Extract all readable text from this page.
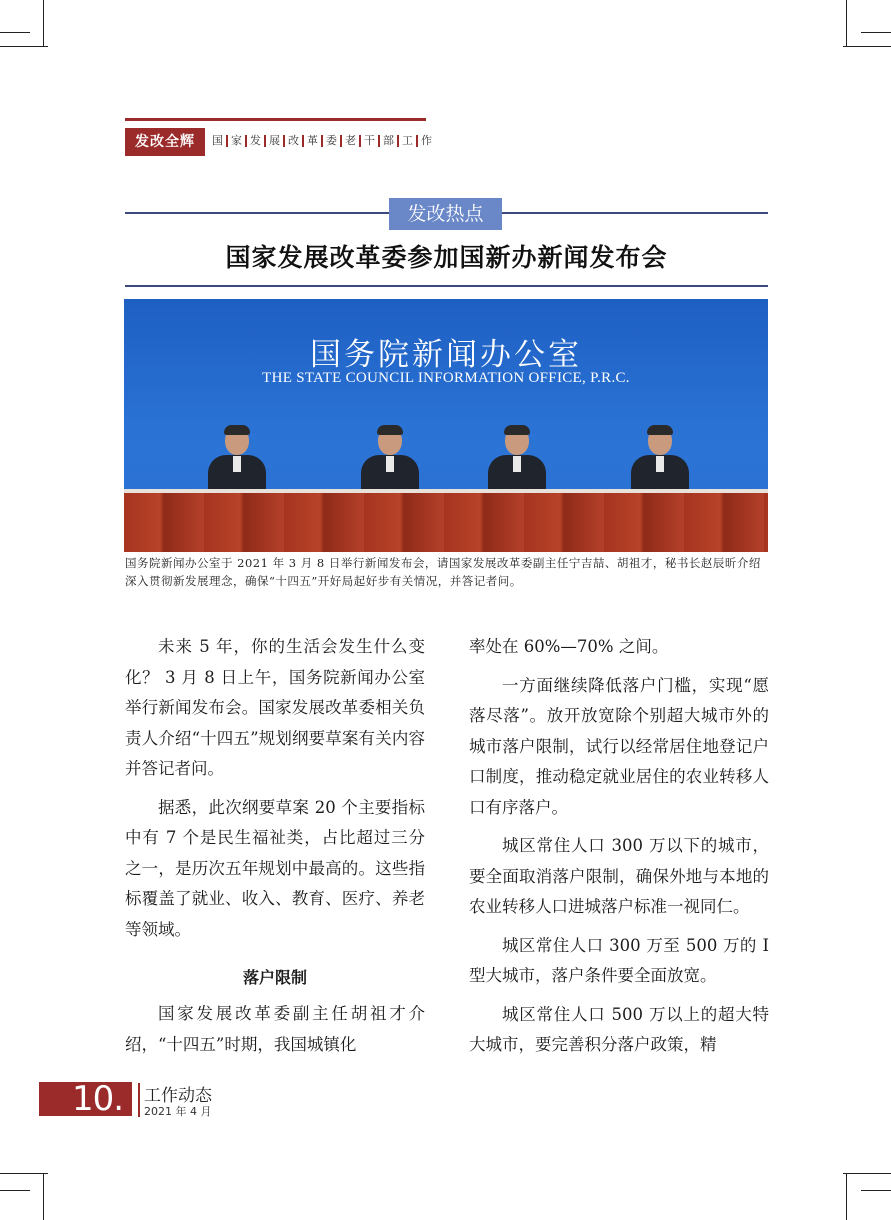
发改全辉	国 家 发 展 改 革 委 老 干 部 工 作
发改热点
国家发展改革委参加国新办新闻发布会
国务院新闻办公室
THE STATE COUNCIL INFORMATION OFFICE, P.R.C.
国务院新闻办公室于 2021 年 3 月 8 日举行新闻发布会，请国家发展改革委副主任宁吉喆、胡祖才，秘书长赵辰昕介绍深入贯彻新发展理念，确保“十四五”开好局起好步有关情况，并答记者问。

未来 5 年，你的生活会发生什么变化？ 3 月 8 日上午，国务院新闻办公室举行新闻发布会。国家发展改革委相关负责人介绍“十四五”规划纲要草案有关内容并答记者问。

据悉，此次纲要草案 20 个主要指标中有 7 个是民生福祉类，占比超过三分之一，是历次五年规划中最高的。这些指标覆盖了就业、收入、教育、医疗、养老等领域。

落户限制

国家发展改革委副主任胡祖才介绍，“十四五”时期，我国城镇化

率处在 60%—70% 之间。

一方面继续降低落户门槛，实现“愿落尽落”。放开放宽除个别超大城市外的城市落户限制，试行以经常居住地登记户口制度，推动稳定就业居住的农业转移人口有序落户。

城区常住人口 300 万以下的城市，要全面取消落户限制，确保外地与本地的农业转移人口进城落户标准一视同仁。

城区常住人口 300 万至 500 万的 I 型大城市，落户条件要全面放宽。

城区常住人口 500 万以上的超大特大城市，要完善积分落户政策，精

10. 工作动态
2021 年 4 月
